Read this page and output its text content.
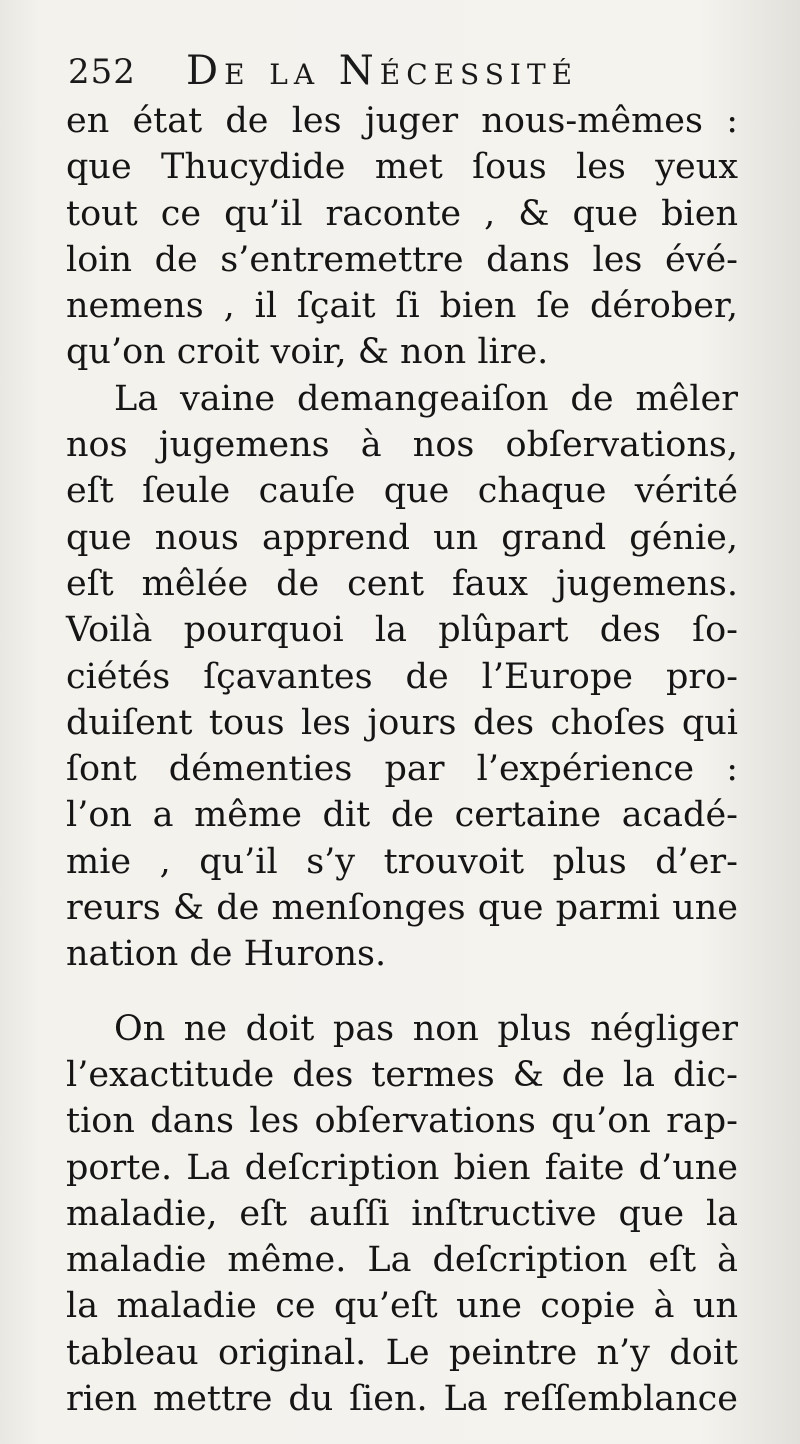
252 De la Nécessité
en état de les juger nous-mêmes :
que Thucydide met ſous les yeux
tout ce qu’il raconte , & que bien
loin de s’entremettre dans les évé-
nemens , il ſçait ſi bien ſe dérober,
qu’on croit voir, & non lire.
La vaine demangeaiſon de mêler
nos jugemens à nos obſervations,
eſt ſeule cauſe que chaque vérité
que nous apprend un grand génie,
eſt mêlée de cent faux jugemens.
Voilà pourquoi la plûpart des ſo-
ciétés ſçavantes de l’Europe pro-
duiſent tous les jours des choſes qui
ſont démenties par l’expérience :
l’on a même dit de certaine acadé-
mie , qu’il s’y trouvoit plus d’er-
reurs & de menſonges que parmi une
nation de Hurons.
On ne doit pas non plus négliger
l’exactitude des termes & de la dic-
tion dans les obſervations qu’on rap-
porte. La deſcription bien faite d’une
maladie, eſt auſſi inſtructive que la
maladie même. La deſcription eſt à
la maladie ce qu’eſt une copie à un
tableau original. Le peintre n’y doit
rien mettre du ſien. La reſſemblance
